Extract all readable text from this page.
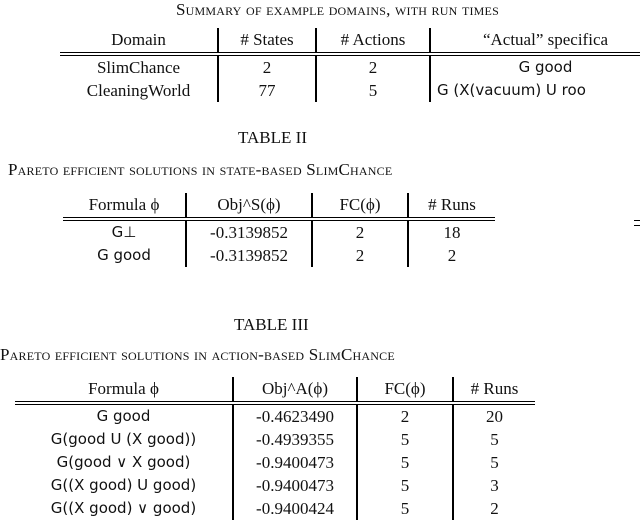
Summary of example domains, with run times
Domain	# States	# Actions	“Actual” specifica
SlimChance	2	2	G good
CleaningWorld	77	5	G (X(vacuum) U roo
TABLE II
Pareto efficient solutions in state-based SlimChance
Formula ϕ	Obj^S(ϕ)	FC(ϕ)	# Runs
G⊥	-0.3139852	2	18
G good	-0.3139852	2	2
TABLE III
Pareto efficient solutions in action-based SlimChance
Formula ϕ	Obj^A(ϕ)	FC(ϕ)	# Runs
G good	-0.4623490	2	20
G(good U (X good))	-0.4939355	5	5
G(good ∨ X good)	-0.9400473	5	5
G((X good) U good)	-0.9400473	5	3
G((X good) ∨ good)	-0.9400424	5	2
